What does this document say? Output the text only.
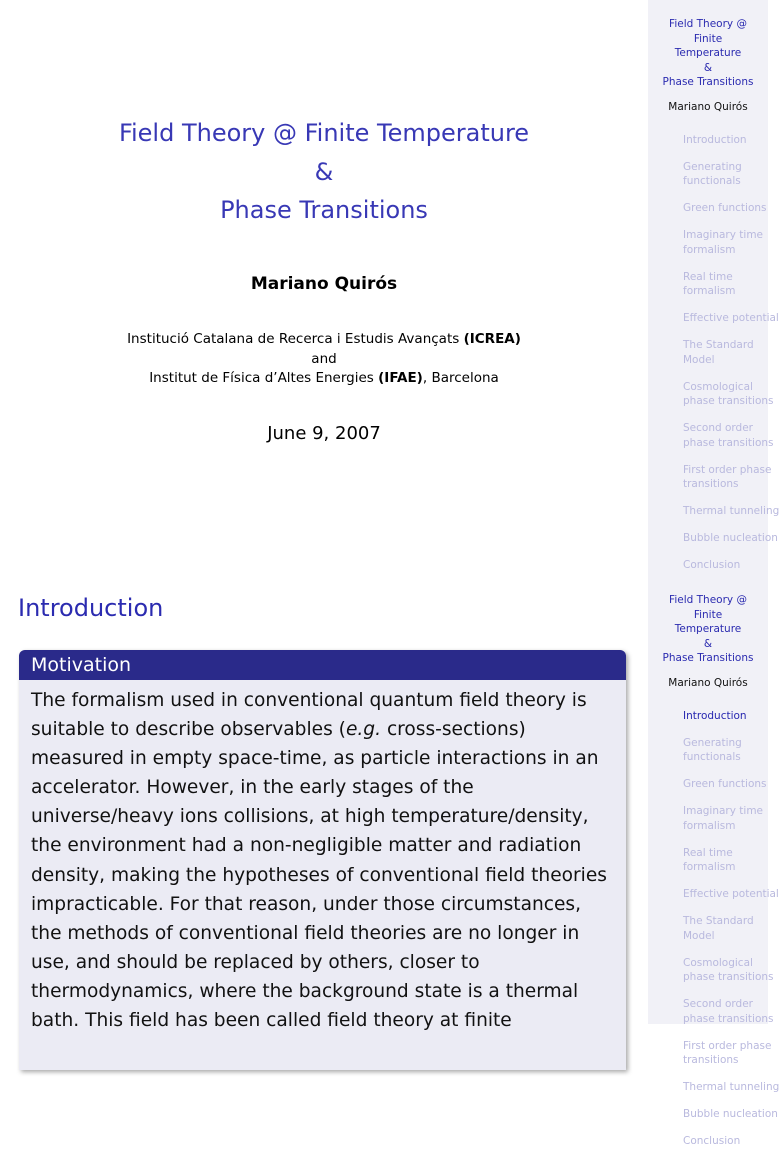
Field Theory @ Finite Temperature
&
Phase Transitions
Mariano Quirós
Institució Catalana de Recerca i Estudis Avançats (ICREA)
and
Institut de Física d’Altes Energies (IFAE), Barcelona
June 9, 2007
Field Theory @
Finite
Temperature
&
Phase Transitions
Mariano Quirós
Introduction
Generating
functionals
Green functions
Imaginary time
formalism
Real time
formalism
Effective potential
The Standard
Model
Cosmological
phase transitions
Second order
phase transitions
First order phase
transitions
Thermal tunneling
Bubble nucleation
Conclusion
Introduction
Motivation
The formalism used in conventional quantum field theory is
suitable to describe observables (e.g. cross-sections)
measured in empty space-time, as particle interactions in an
accelerator. However, in the early stages of the
universe/heavy ions collisions, at high temperature/density,
the environment had a non-negligible matter and radiation
density, making the hypotheses of conventional field theories
impracticable. For that reason, under those circumstances,
the methods of conventional field theories are no longer in
use, and should be replaced by others, closer to
thermodynamics, where the background state is a thermal
bath. This field has been called field theory at finite
Field Theory @
Finite
Temperature
&
Phase Transitions
Mariano Quirós
Introduction
Generating
functionals
Green functions
Imaginary time
formalism
Real time
formalism
Effective potential
The Standard
Model
Cosmological
phase transitions
Second order
phase transitions
First order phase
transitions
Thermal tunneling
Bubble nucleation
Conclusion
